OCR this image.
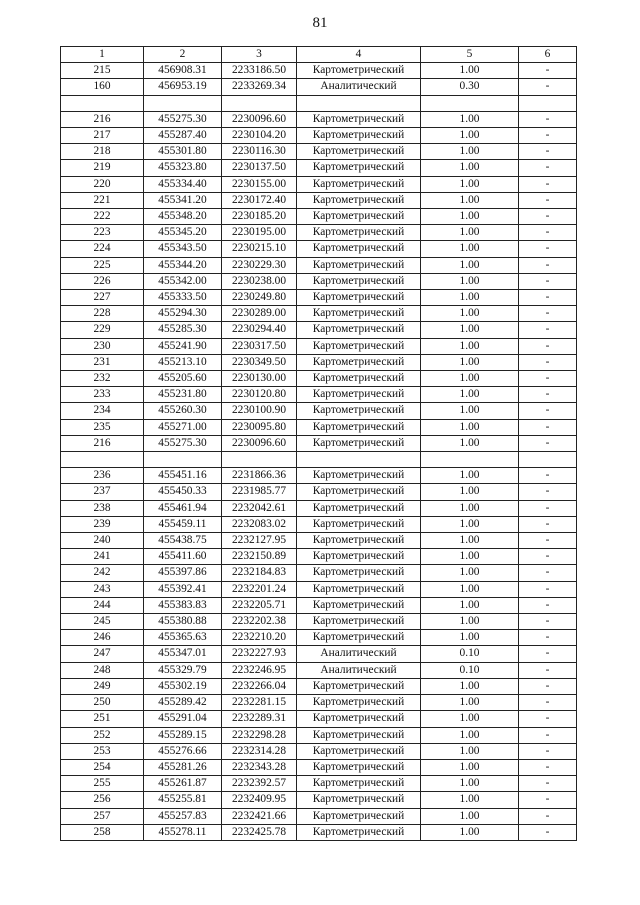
81
1	2	3	4	5	6
215	456908.31	2233186.50	Картометрический	1.00	-
160	456953.19	2233269.34	Аналитический	0.30	-

216	455275.30	2230096.60	Картометрический	1.00	-
217	455287.40	2230104.20	Картометрический	1.00	-
218	455301.80	2230116.30	Картометрический	1.00	-
219	455323.80	2230137.50	Картометрический	1.00	-
220	455334.40	2230155.00	Картометрический	1.00	-
221	455341.20	2230172.40	Картометрический	1.00	-
222	455348.20	2230185.20	Картометрический	1.00	-
223	455345.20	2230195.00	Картометрический	1.00	-
224	455343.50	2230215.10	Картометрический	1.00	-
225	455344.20	2230229.30	Картометрический	1.00	-
226	455342.00	2230238.00	Картометрический	1.00	-
227	455333.50	2230249.80	Картометрический	1.00	-
228	455294.30	2230289.00	Картометрический	1.00	-
229	455285.30	2230294.40	Картометрический	1.00	-
230	455241.90	2230317.50	Картометрический	1.00	-
231	455213.10	2230349.50	Картометрический	1.00	-
232	455205.60	2230130.00	Картометрический	1.00	-
233	455231.80	2230120.80	Картометрический	1.00	-
234	455260.30	2230100.90	Картометрический	1.00	-
235	455271.00	2230095.80	Картометрический	1.00	-
216	455275.30	2230096.60	Картометрический	1.00	-

236	455451.16	2231866.36	Картометрический	1.00	-
237	455450.33	2231985.77	Картометрический	1.00	-
238	455461.94	2232042.61	Картометрический	1.00	-
239	455459.11	2232083.02	Картометрический	1.00	-
240	455438.75	2232127.95	Картометрический	1.00	-
241	455411.60	2232150.89	Картометрический	1.00	-
242	455397.86	2232184.83	Картометрический	1.00	-
243	455392.41	2232201.24	Картометрический	1.00	-
244	455383.83	2232205.71	Картометрический	1.00	-
245	455380.88	2232202.38	Картометрический	1.00	-
246	455365.63	2232210.20	Картометрический	1.00	-
247	455347.01	2232227.93	Аналитический	0.10	-
248	455329.79	2232246.95	Аналитический	0.10	-
249	455302.19	2232266.04	Картометрический	1.00	-
250	455289.42	2232281.15	Картометрический	1.00	-
251	455291.04	2232289.31	Картометрический	1.00	-
252	455289.15	2232298.28	Картометрический	1.00	-
253	455276.66	2232314.28	Картометрический	1.00	-
254	455281.26	2232343.28	Картометрический	1.00	-
255	455261.87	2232392.57	Картометрический	1.00	-
256	455255.81	2232409.95	Картометрический	1.00	-
257	455257.83	2232421.66	Картометрический	1.00	-
258	455278.11	2232425.78	Картометрический	1.00	-
